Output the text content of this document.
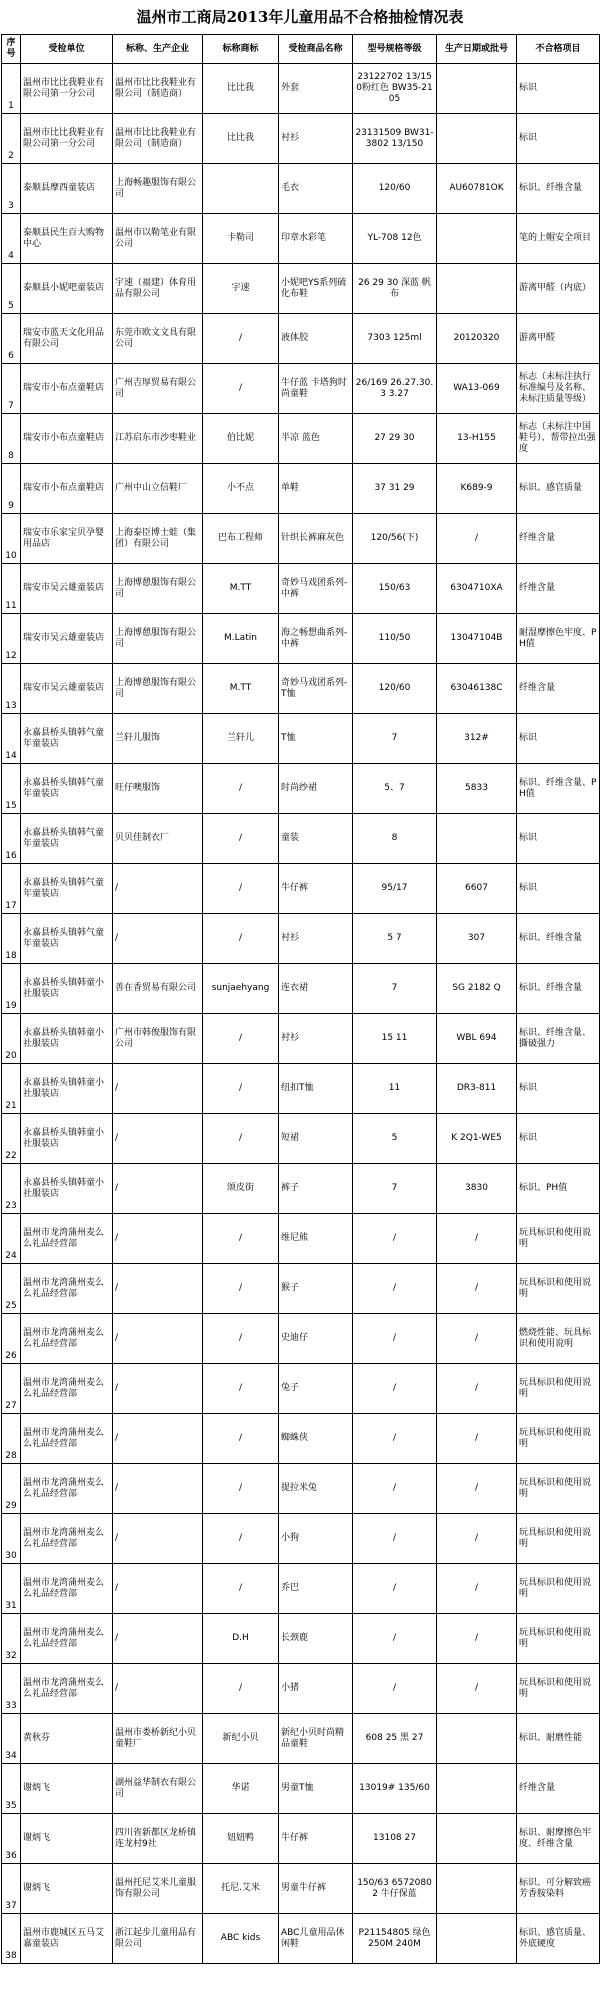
温州市工商局2013年儿童用品不合格抽检情况表
序号	受检单位	标称、生产企业	标称商标	受检商品名称	型号规格等级	生产日期或批号	不合格项目
1	温州市比比我鞋业有限公司第一分公司	温州市比比我鞋业有限公司（制造商）	比比我	外套	23122702 13/150粉红色 BW35-2105		标识
2	温州市比比我鞋业有限公司第一分公司	温州市比比我鞋业有限公司（制造商）	比比我	衬衫	23131509 BW31-3802 13/150		标识
3	泰顺县摩西童装店	上海畅趣服饰有限公司		毛衣	120/60	AU60781OK	标识、纤维含量
4	泰顺县民生百大购物中心	温州市以勒笔业有限公司	卡勒司	印章水彩笔	YL-708 12色		笔的上帽安全项目
5	泰顺县小妮吧童装店	宇速（福建）体育用品有限公司	宇速	小妮吧YS系列硫化布鞋	26 29 30 深蓝 帆布		游离甲醛（内底）
6	瑞安市蓝天文化用品有限公司	东莞市欧文文具有限公司	/	液体胶	7303 125ml	20120320	游离甲醛
7	瑞安市小布点童鞋店	广州吉厚贸易有限公司	/	牛仔蓝 卡塔狗时尚童鞋	26/169 26.27.30.3 3.27	WA13-069	标志（未标注执行标准编号及名称、未标注质量等级）
8	瑞安市小布点童鞋店	江苏启东市沙枣鞋业	伯比妮	半凉 蓝色	27 29 30	13-H155	标志（未标注中国鞋号）、帮带拉出强度
9	瑞安市小布点童鞋店	广州中山立信鞋厂	小不点	单鞋	37 31 29	K689-9	标识、感官质量
10	瑞安市乐家宝贝孕婴用品店	上海泰臣博士蛙（集团）有限公司	巴布工程师	针织长裤麻灰色	120/56(下)	/	纤维含量
11	瑞安市吴云雄童装店	上海博憩服饰有限公司	M.TT	奇妙马戏团系列-中裤	150/63	6304710XA	纤维含量
12	瑞安市吴云雄童装店	上海博憩服饰有限公司	M.Latin	海之畅想曲系列-中裤	110/50	13047104B	耐湿摩擦色牢度、PH值
13	瑞安市吴云雄童装店	上海博憩服饰有限公司	M.TT	奇妙马戏团系列-T恤	120/60	63046138C	纤维含量
14	永嘉县桥头镇韩气童年童装店	兰轩儿服饰	兰轩儿	T恤	7	312#	标识
15	永嘉县桥头镇韩气童年童装店	旺仔噢服饰	/	时尚纱裙	5、7	5833	标识、纤维含量、PH值
16	永嘉县桥头镇韩气童年童装店	贝贝佳制衣厂	/	童装	8		标识
17	永嘉县桥头镇韩气童年童装店	/	/	牛仔裤	95/17	6607	标识
18	永嘉县桥头镇韩气童年童装店	/	/	衬衫	5 7	307	标识、纤维含量
19	永嘉县桥头镇韩童小社服装店	善在香贸易有限公司	sunjaehyang	连衣裙	7	SG 2182 Q	标识、纤维含量
20	永嘉县桥头镇韩童小社服装店	广州市韩俊服饰有限公司	/	衬衫	15 11	WBL 694	标识、纤维含量、撕破强力
21	永嘉县桥头镇韩童小社服装店	/	/	纽扣T恤	11	DR3-811	标识
22	永嘉县桥头镇韩童小社服装店	/	/	短裙	5	K 2Q1-WE5	标识
23	永嘉县桥头镇韩童小社服装店	/	颂皮街	裤子	7	3830	标识、PH值
24	温州市龙湾蒲州麦么么礼品经营部	/	/	维尼熊	/	/	玩具标识和使用说明
25	温州市龙湾蒲州麦么么礼品经营部	/	/	猴子	/	/	玩具标识和使用说明
26	温州市龙湾蒲州麦么么礼品经营部	/	/	史迪仔	/	/	燃烧性能、玩具标识和使用说明
27	温州市龙湾蒲州麦么么礼品经营部	/	/	兔子	/	/	玩具标识和使用说明
28	温州市龙湾蒲州麦么么礼品经营部	/	/	蜘蛛侠	/	/	玩具标识和使用说明
29	温州市龙湾蒲州麦么么礼品经营部	/	/	提拉米兔	/	/	玩具标识和使用说明
30	温州市龙湾蒲州麦么么礼品经营部	/	/	小狗	/	/	玩具标识和使用说明
31	温州市龙湾蒲州麦么么礼品经营部	/	/	乔巴	/	/	玩具标识和使用说明
32	温州市龙湾蒲州麦么么礼品经营部	/	D.H	长颈鹿	/	/	玩具标识和使用说明
33	温州市龙湾蒲州麦么么礼品经营部	/	/	小猪	/	/	玩具标识和使用说明
34	黄秋芬	温州市娄桥新纪小贝童鞋厂	新纪小贝	新纪小贝时尚精品童鞋	608 25 黑 27		标识、耐磨性能
35	谢炳飞	湖州益华制衣有限公司	华诺	男童T恤	13019# 135/60		纤维含量
36	谢炳飞	四川省新都区龙桥镇连龙村9社	妞妞鸭	牛仔裤	13108 27		标识、耐摩擦色牢度、纤维含量
37	谢炳飞	温州托尼艾米儿童服饰有限公司	托尼.艾米	男童牛仔裤	150/63 65720802 牛仔保蓝		标识、可分解致癌芳香胺染料
38	温州市鹿城区五马艾嘉童装店	浙江起步儿童用品有限公司	ABC kids	ABC儿童用品休闲鞋	P21154805 绿色 250M 240M		标识、感官质量、外底硬度
